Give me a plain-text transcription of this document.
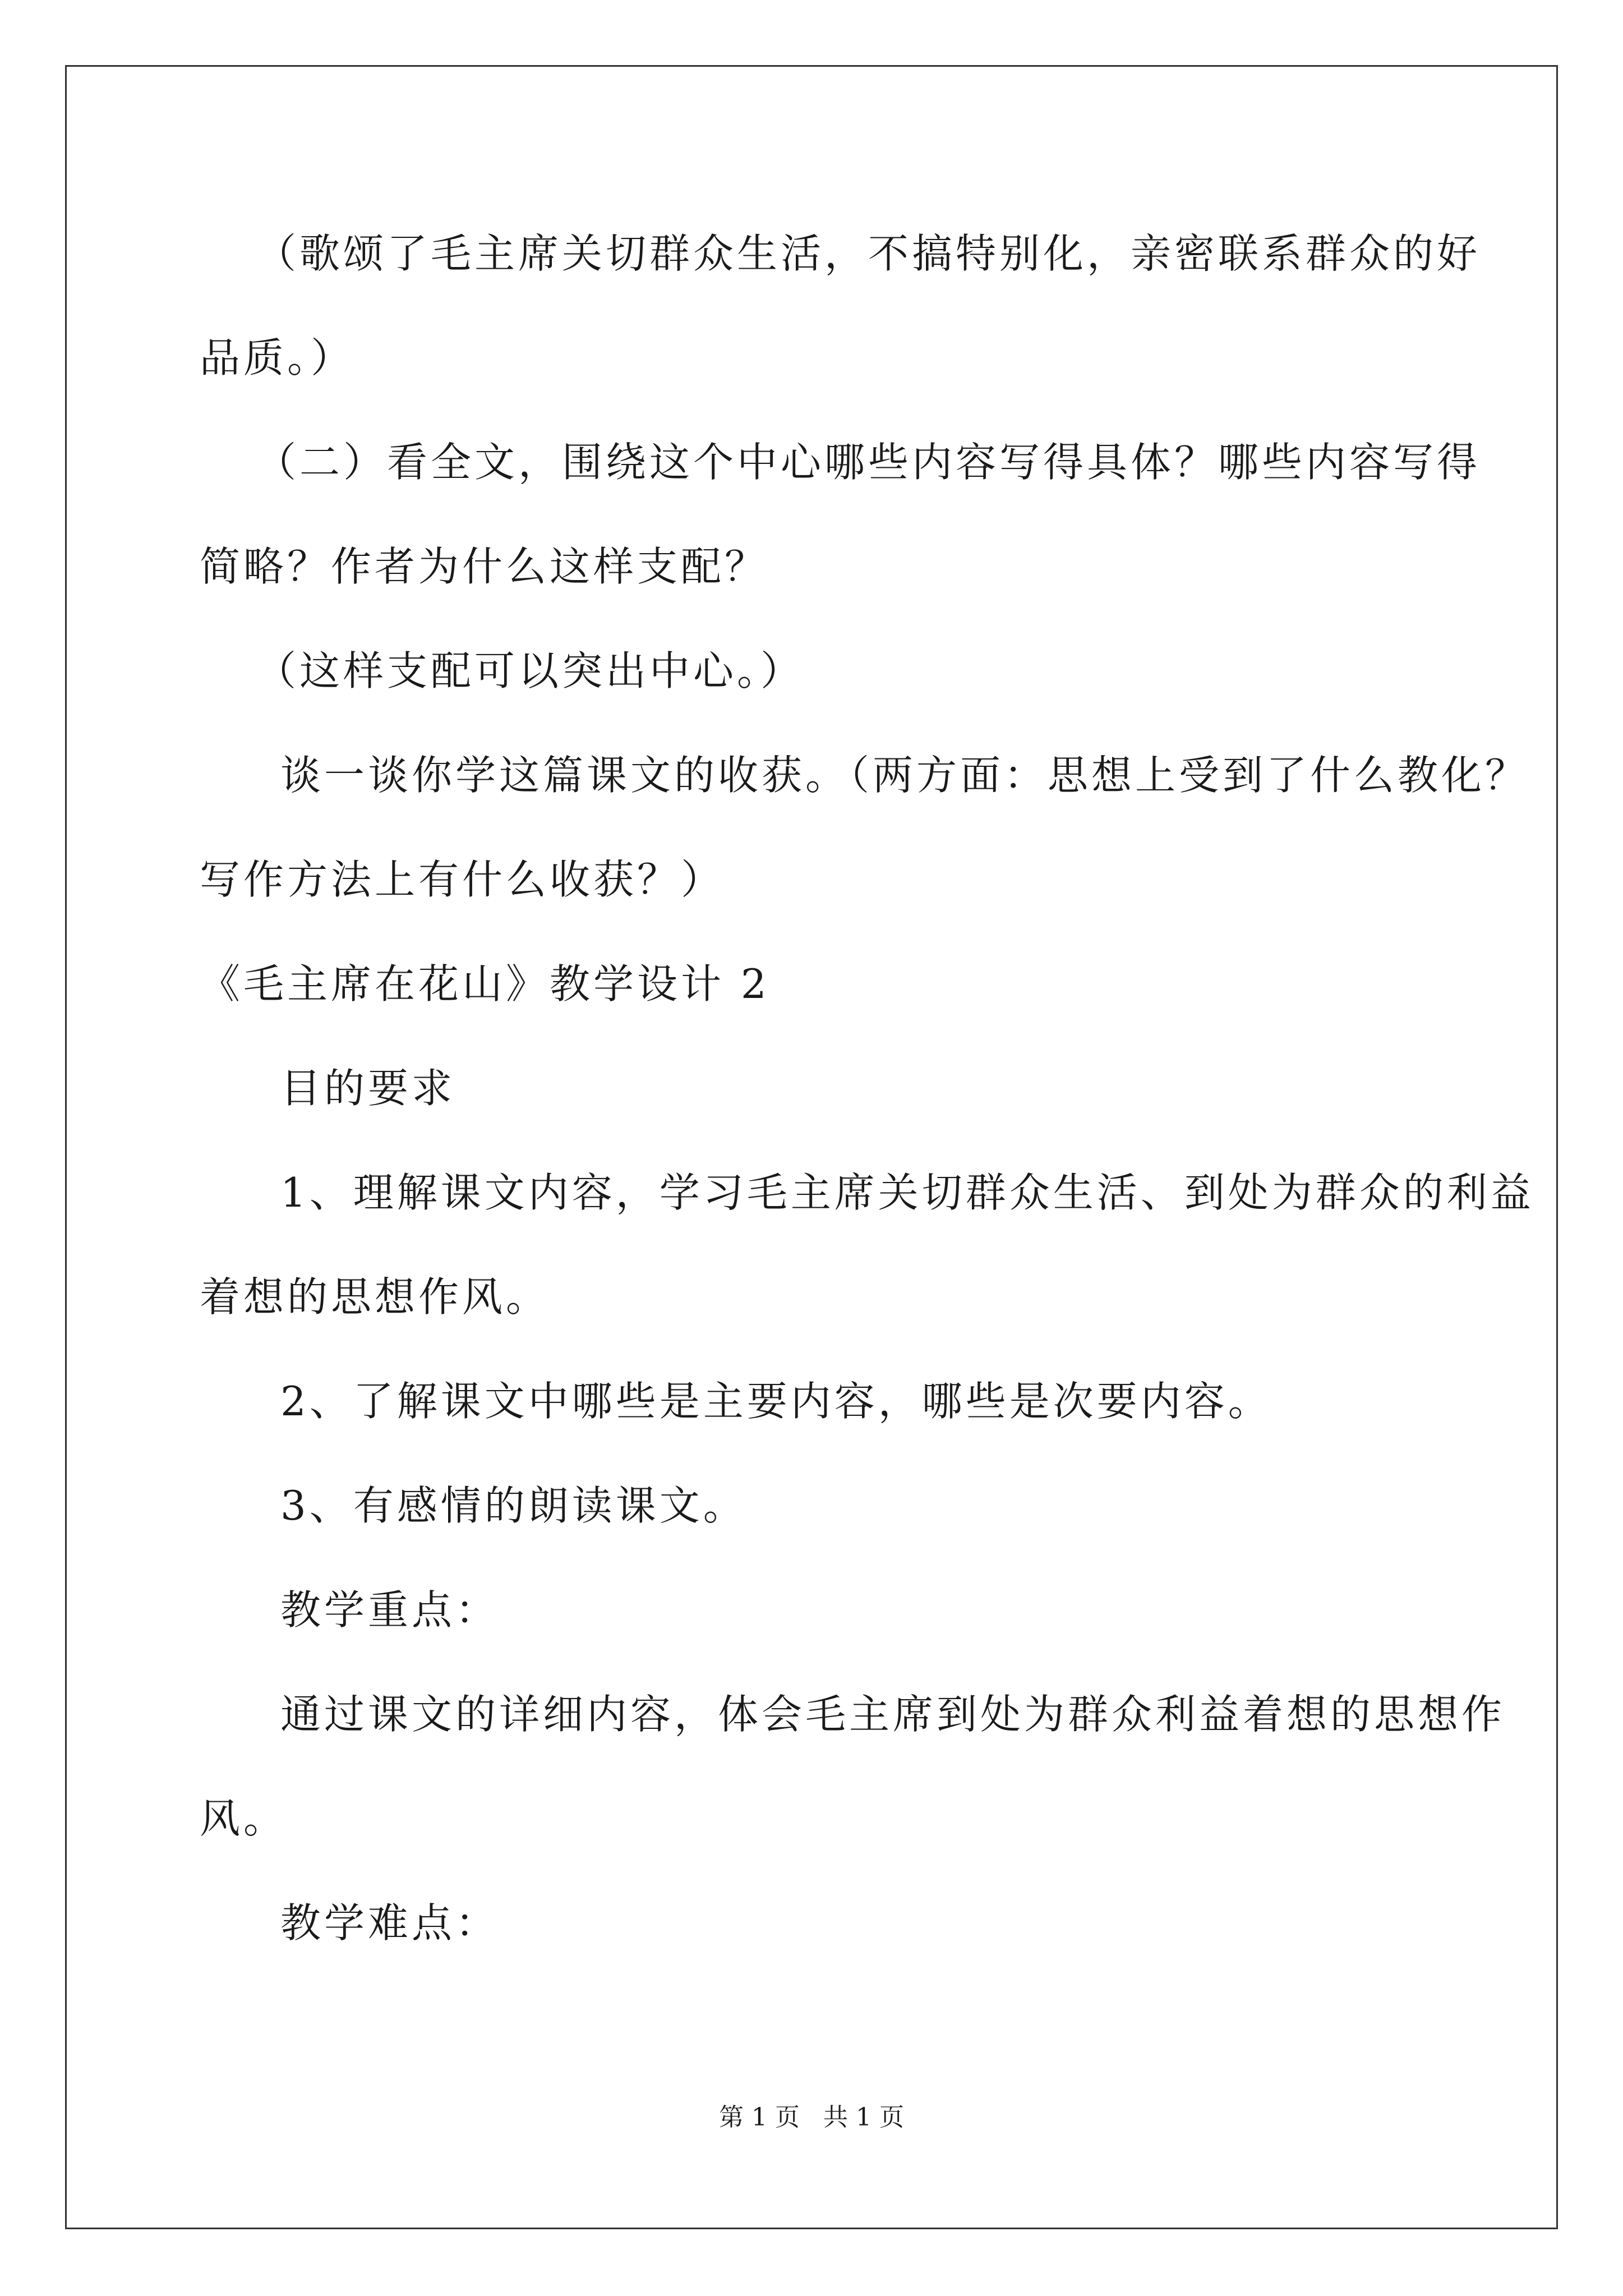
（歌颂了毛主席关切群众生活，不搞特别化，亲密联系群众的好
品质。）
（二）看全文，围绕这个中心哪些内容写得具体？哪些内容写得
简略？作者为什么这样支配？
（这样支配可以突出中心。）
谈一谈你学这篇课文的收获。（两方面：思想上受到了什么教化？
写作方法上有什么收获？）
《毛主席在花山》教学设计 2
目的要求
1、理解课文内容，学习毛主席关切群众生活、到处为群众的利益
着想的思想作风。
2、了解课文中哪些是主要内容，哪些是次要内容。
3、有感情的朗读课文。
教学重点：
通过课文的详细内容，体会毛主席到处为群众利益着想的思想作
风。
教学难点：
第 1 页   共 1 页
